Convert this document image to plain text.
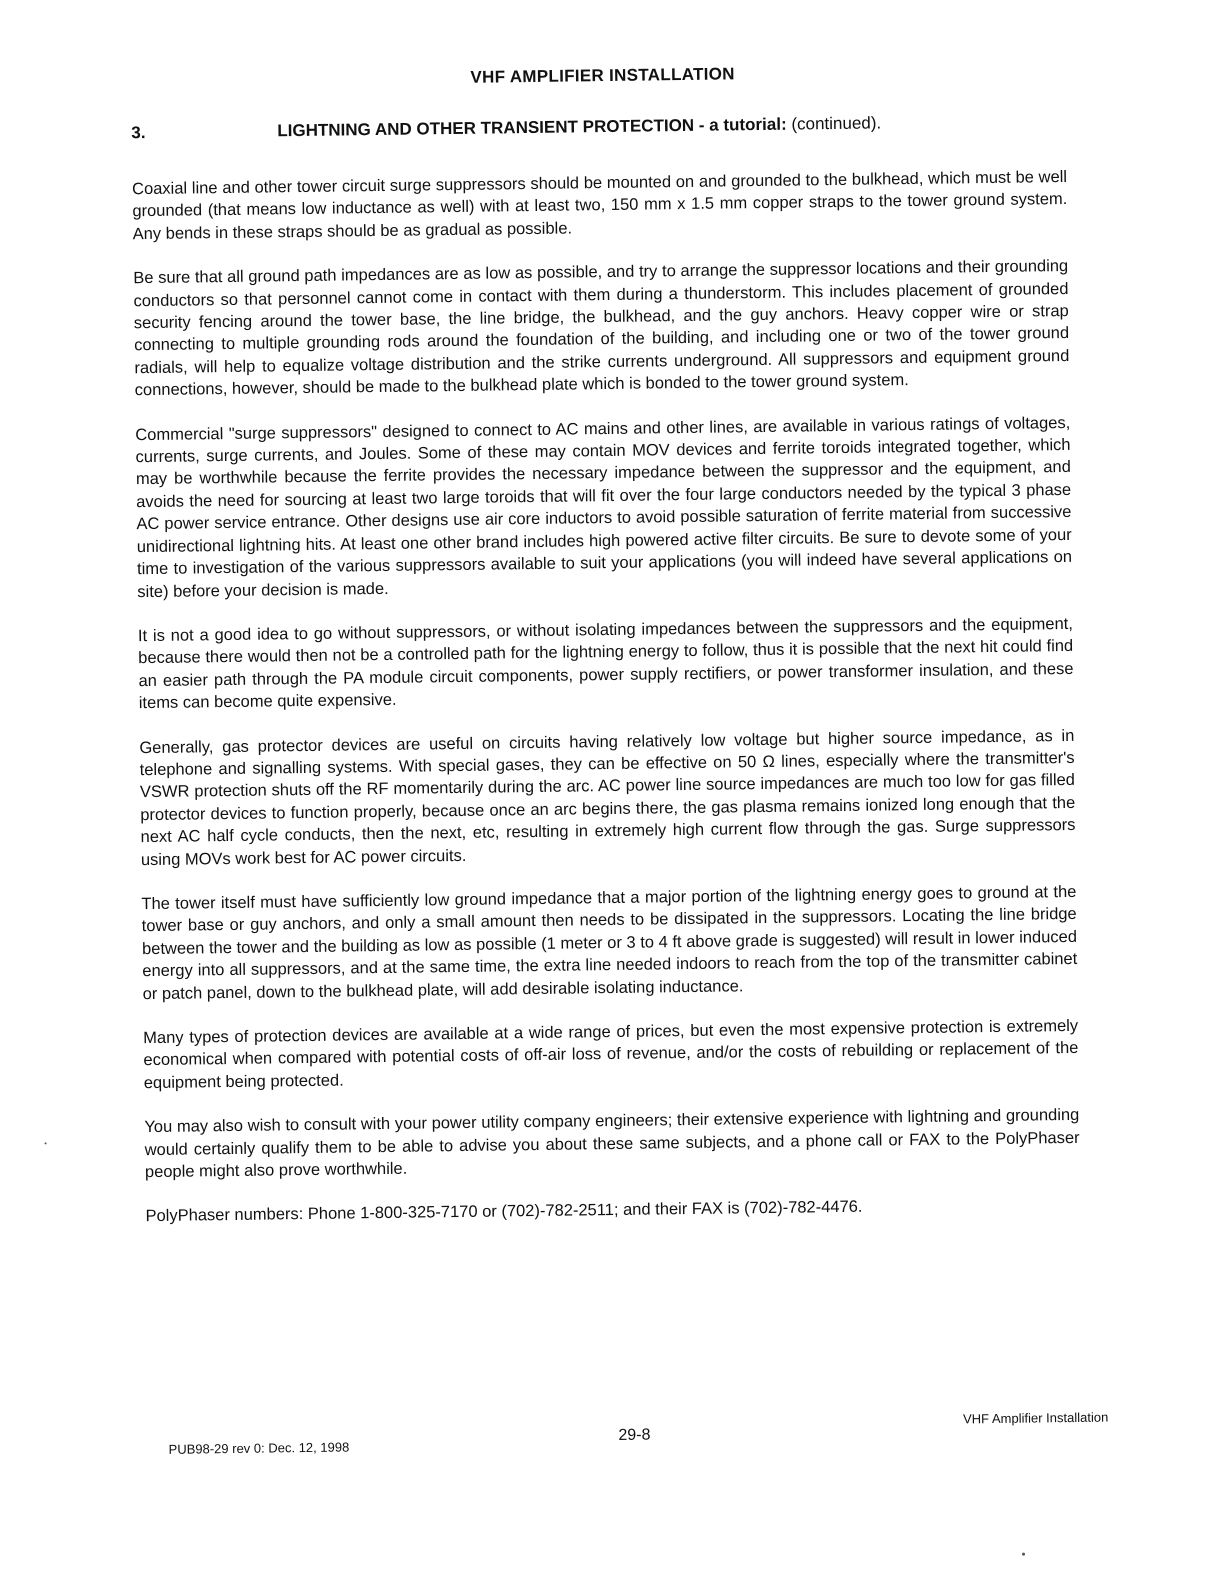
VHF AMPLIFIER INSTALLATION
3.	LIGHTNING AND OTHER TRANSIENT PROTECTION - a tutorial: (continued).

Coaxial line and other tower circuit surge suppressors should be mounted on and grounded to the bulkhead, which must be well grounded (that means low inductance as well) with at least two, 150 mm x 1.5 mm copper straps to the tower ground system. Any bends in these straps should be as gradual as possible.

Be sure that all ground path impedances are as low as possible, and try to arrange the suppressor locations and their grounding conductors so that personnel cannot come in contact with them during a thunderstorm. This includes placement of grounded security fencing around the tower base, the line bridge, the bulkhead, and the guy anchors. Heavy copper wire or strap connecting to multiple grounding rods around the foundation of the building, and including one or two of the tower ground radials, will help to equalize voltage distribution and the strike currents underground. All suppressors and equipment ground connections, however, should be made to the bulkhead plate which is bonded to the tower ground system.

Commercial "surge suppressors" designed to connect to AC mains and other lines, are available in various ratings of voltages, currents, surge currents, and Joules. Some of these may contain MOV devices and ferrite toroids integrated together, which may be worthwhile because the ferrite provides the necessary impedance between the suppressor and the equipment, and avoids the need for sourcing at least two large toroids that will fit over the four large conductors needed by the typical 3 phase AC power service entrance. Other designs use air core inductors to avoid possible saturation of ferrite material from successive unidirectional lightning hits. At least one other brand includes high powered active filter circuits. Be sure to devote some of your time to investigation of the various suppressors available to suit your applications (you will indeed have several applications on site) before your decision is made.

It is not a good idea to go without suppressors, or without isolating impedances between the suppressors and the equipment, because there would then not be a controlled path for the lightning energy to follow, thus it is possible that the next hit could find an easier path through the PA module circuit components, power supply rectifiers, or power transformer insulation, and these items can become quite expensive.

Generally, gas protector devices are useful on circuits having relatively low voltage but higher source impedance, as in telephone and signalling systems. With special gases, they can be effective on 50 Ω lines, especially where the transmitter's VSWR protection shuts off the RF momentarily during the arc. AC power line source impedances are much too low for gas filled protector devices to function properly, because once an arc begins there, the gas plasma remains ionized long enough that the next AC half cycle conducts, then the next, etc, resulting in extremely high current flow through the gas. Surge suppressors using MOVs work best for AC power circuits.

The tower itself must have sufficiently low ground impedance that a major portion of the lightning energy goes to ground at the tower base or guy anchors, and only a small amount then needs to be dissipated in the suppressors. Locating the line bridge between the tower and the building as low as possible (1 meter or 3 to 4 ft above grade is suggested) will result in lower induced energy into all suppressors, and at the same time, the extra line needed indoors to reach from the top of the transmitter cabinet or patch panel, down to the bulkhead plate, will add desirable isolating inductance.

Many types of protection devices are available at a wide range of prices, but even the most expensive protection is extremely economical when compared with potential costs of off-air loss of revenue, and/or the costs of rebuilding or replacement of the equipment being protected.

You may also wish to consult with your power utility company engineers; their extensive experience with lightning and grounding would certainly qualify them to be able to advise you about these same subjects, and a phone call or FAX to the PolyPhaser people might also prove worthwhile.

PolyPhaser numbers: Phone 1-800-325-7170 or (702)-782-2511; and their FAX is (702)-782-4476.

PUB98-29 rev 0: Dec. 12, 1998
29-8
VHF Amplifier Installation
